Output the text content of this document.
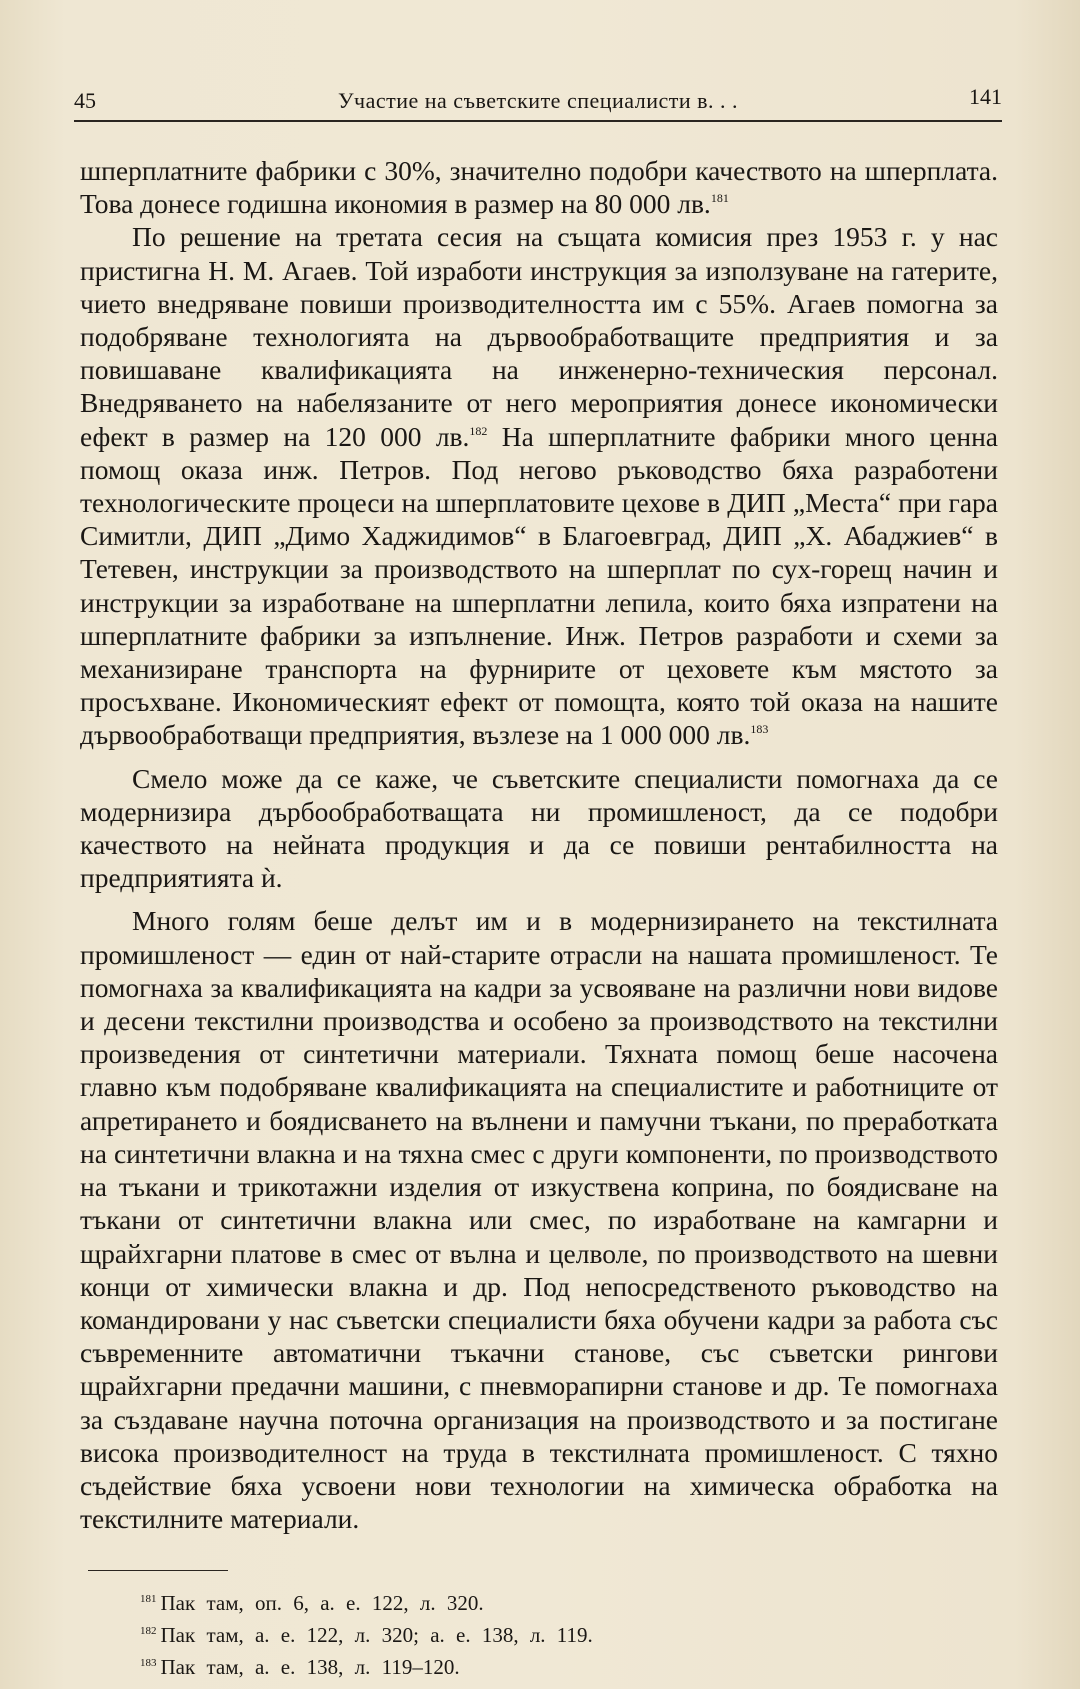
45	Участие на съветските специалисти в. . .	141

шперплатните фабрики с 30%, значително подобри качеството на шперплата. Това донесе годишна икономия в размер на 80 000 лв.$^{181}$

По решение на третата сесия на същата комисия през 1953 г. у нас пристигна Н. М. Агаев. Той изработи инструкция за използуване на гатерите, чието внедряване повиши производителността им с 55%. Агаев помогна за подобряване технологията на дървообработващите предприятия и за повишаване квалификацията на инженерно-техническия персонал. Внедряването на набелязаните от него мероприятия донесе икономически ефект в размер на 120 000 лв.$^{182}$ На шперплатните фабрики много ценна помощ оказа инж. Петров. Под негово ръководство бяха разработени технологическите процеси на шперплатовите цехове в ДИП „Места“ при гара Симитли, ДИП „Димо Хаджидимов“ в Благоевград, ДИП „Х. Абаджиев“ в Тетевен, инструкции за производството на шперплат по сух-горещ начин и инструкции за изработване на шперплатни лепила, които бяха изпратени на шперплатните фабрики за изпълнение. Инж. Петров разработи и схеми за механизиране транспорта на фурнирите от цеховете към мястото за просъхване. Икономическият ефект от помощта, която той оказа на нашите дървообработващи предприятия, възлезе на 1 000 000 лв.$^{183}$

Смело може да се каже, че съветските специалисти помогнаха да се модернизира дърбообработващата ни промишленост, да се подобри качеството на нейната продукция и да се повиши рентабилността на предприятията ѝ.

Много голям беше делът им и в модернизирането на текстилната промишленост — един от най-старите отрасли на нашата промишленост. Те помогнаха за квалификацията на кадри за усвояване на различни нови видове и десени текстилни производства и особено за производството на текстилни произведения от синтетични материали. Тяхната помощ беше насочена главно към подобряване квалификацията на специалистите и работниците от апретирането и боядисването на вълнени и памучни тъкани, по преработката на синтетични влакна и на тяхна смес с други компоненти, по производството на тъкани и трикотажни изделия от изкуствена коприна, по боядисване на тъкани от синтетични влакна или смес, по изработване на камгарни и щрайхгарни платове в смес от вълна и целволе, по производството на шевни конци от химически влакна и др. Под непосредственото ръководство на командировани у нас съветски специалисти бяха обучени кадри за работа със съвременните автоматични тъкачни станове, със съветски рингови щрайхгарни предачни машини, с пневморапирни станове и др. Те помогнаха за създаване научна поточна организация на производството и за постигане висока производителност на труда в текстилната промишленост. С тяхно съдействие бяха усвоени нови технологии на химическа обработка на текстилните материали.

$^{181}$ Пак там, оп. 6, а. е. 122, л. 320.
$^{182}$ Пак там, а. е. 122, л. 320; а. е. 138, л. 119.
$^{183}$ Пак там, а. е. 138, л. 119–120.
